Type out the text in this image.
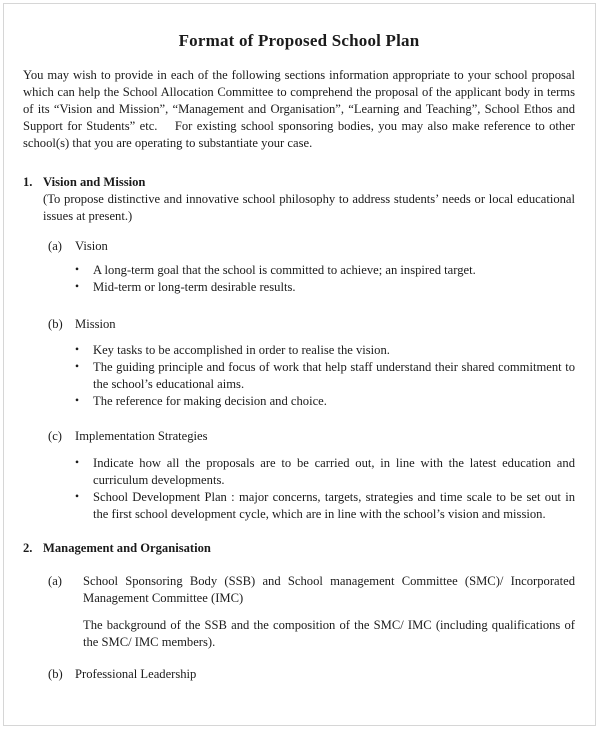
Format of Proposed School Plan

You may wish to provide in each of the following sections information appropriate to your school proposal which can help the School Allocation Committee to comprehend the proposal of the applicant body in terms of its “Vision and Mission”, “Management and Organisation”, “Learning and Teaching”, School Ethos and Support for Students” etc.    For existing school sponsoring bodies, you may also make reference to other school(s) that you are operating to substantiate your case.

1. Vision and Mission

(To propose distinctive and innovative school philosophy to address students’ needs or local educational issues at present.)

(a)	Vision
•	A long-term goal that the school is committed to achieve; an inspired target.

•	Mid-term or long-term desirable results.

(b) Mission
•	Key tasks to be accomplished in order to realise the vision.

•	The guiding principle and focus of work that help staff understand their shared commitment to the school’s educational aims.

•	The reference for making decision and choice.

(c)	Implementation Strategies
•	Indicate how all the proposals are to be carried out, in line with the latest education and curriculum developments.

•	School Development Plan : major concerns, targets, strategies and time scale to be set out in the first school development cycle, which are in line with the school’s vision and mission.

2. Management and Organisation
(a)	School Sponsoring Body (SSB) and School management Committee (SMC)/ Incorporated Management Committee (IMC)

The background of the SSB and the composition of the SMC/ IMC (including qualifications of the SMC/ IMC members).

(b) Professional Leadership
